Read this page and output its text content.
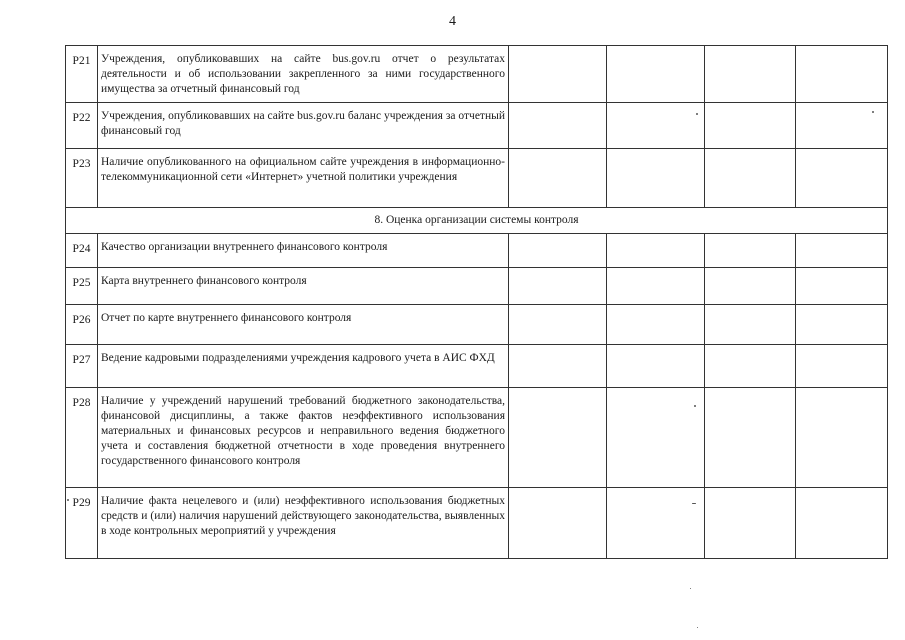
4
Р21	Учреждения, опубликовавших на сайте bus.gov.ru отчет о результатах деятельности и об использовании закрепленного за ними государственного имущества за отчетный финансовый год				
Р22	Учреждения, опубликовавших на сайте bus.gov.ru баланс учреждения за отчетный финансовый год				
Р23	Наличие опубликованного на официальном сайте учреждения в информационно-телекоммуникационной сети «Интернет» учетной политики учреждения				
8. Оценка организации системы контроля					
Р24	Качество организации внутреннего финансового контроля				
Р25	Карта внутреннего финансового контроля				
Р26	Отчет по карте внутреннего финансового контроля				
Р27	Ведение кадровыми подразделениями учреждения кадрового учета в АИС ФХД				
Р28	Наличие у учреждений нарушений требований бюджетного законодательства, финансовой дисциплины, а также фактов неэффективного использования материальных и финансовых ресурсов и неправильного ведения бюджетного учета и составления бюджетной отчетности в ходе проведения внутреннего государственного финансового контроля				
Р29	Наличие факта нецелевого и (или) неэффективного использования бюджетных средств и (или) наличия нарушений действующего законодательства, выявленных в ходе контрольных мероприятий у учреждения				
